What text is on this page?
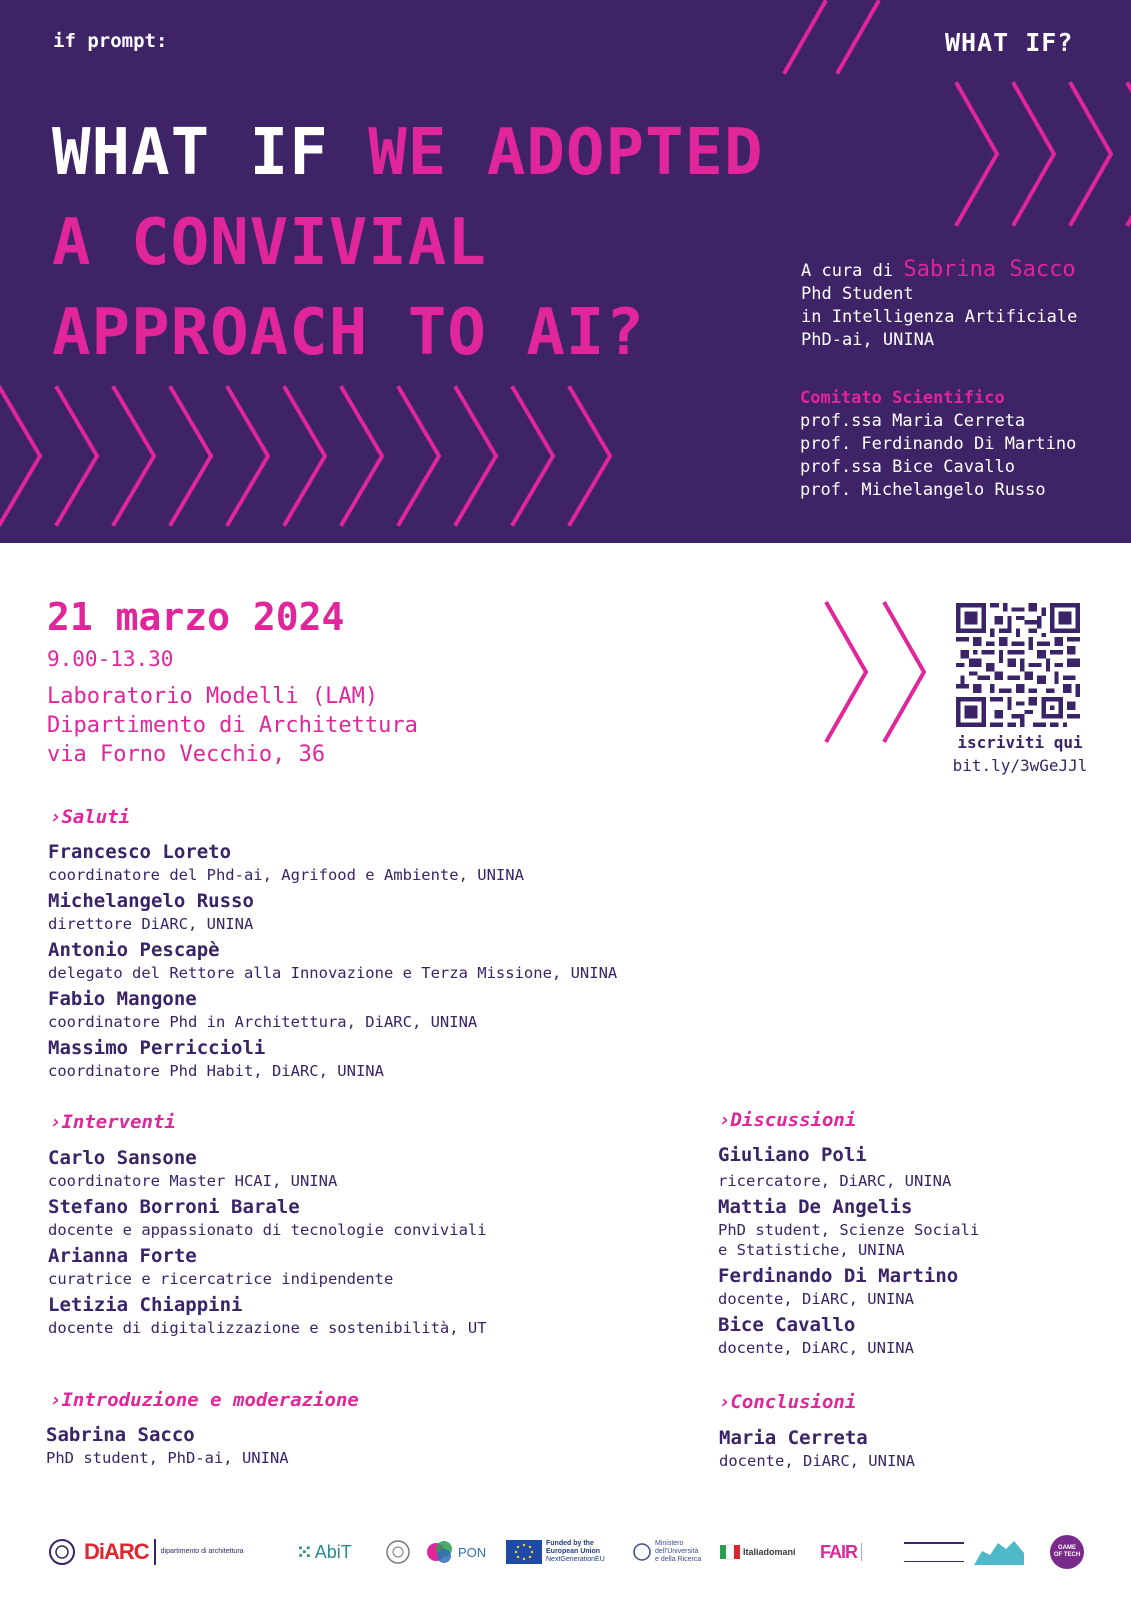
if prompt:	WHAT IF?
WHAT IF WE ADOPTED
A CONVIVIAL
APPROACH TO AI?
A cura di Sabrina Sacco
Phd Student
in Intelligenza Artificiale
PhD-ai, UNINA
Comitato Scientifico
prof.ssa Maria Cerreta
prof. Ferdinando Di Martino
prof.ssa Bice Cavallo
prof. Michelangelo Russo
21 marzo 2024
9.00-13.30
Laboratorio Modelli (LAM)
Dipartimento di Architettura
via Forno Vecchio, 36	iscriviti qui
bit.ly/3wGeJJl
›Saluti
Francesco Loreto
coordinatore del Phd-ai, Agrifood e Ambiente, UNINA
Michelangelo Russo
direttore DiARC, UNINA
Antonio Pescapè
delegato del Rettore alla Innovazione e Terza Missione, UNINA
Fabio Mangone
coordinatore Phd in Architettura, DiARC, UNINA
Massimo Perriccioli
coordinatore Phd Habit, DiARC, UNINA
›Interventi
Carlo Sansone
coordinatore Master HCAI, UNINA
Stefano Borroni Barale
docente e appassionato di tecnologie conviviali
Arianna Forte
curatrice e ricercatrice indipendente
Letizia Chiappini
docente di digitalizzazione e sostenibilità, UT
›Introduzione e moderazione
Sabrina Sacco
PhD student, PhD-ai, UNINA
›Discussioni
Giuliano Poli
ricercatore, DiARC, UNINA
Mattia De Angelis
PhD student, Scienze Sociali
e Statistiche, UNINA
Ferdinando Di Martino
docente, DiARC, UNINA
Bice Cavallo
docente, DiARC, UNINA
›Conclusioni
Maria Cerreta
docente, DiARC, UNINA
DiARC dipartimento di architettura	⁙ AbiT	PON
Funded by the
European Union
NextGenerationEU
Ministero
dell'Università
e della Ricerca
Italiadomani FAIR	GAME
OF TECH
